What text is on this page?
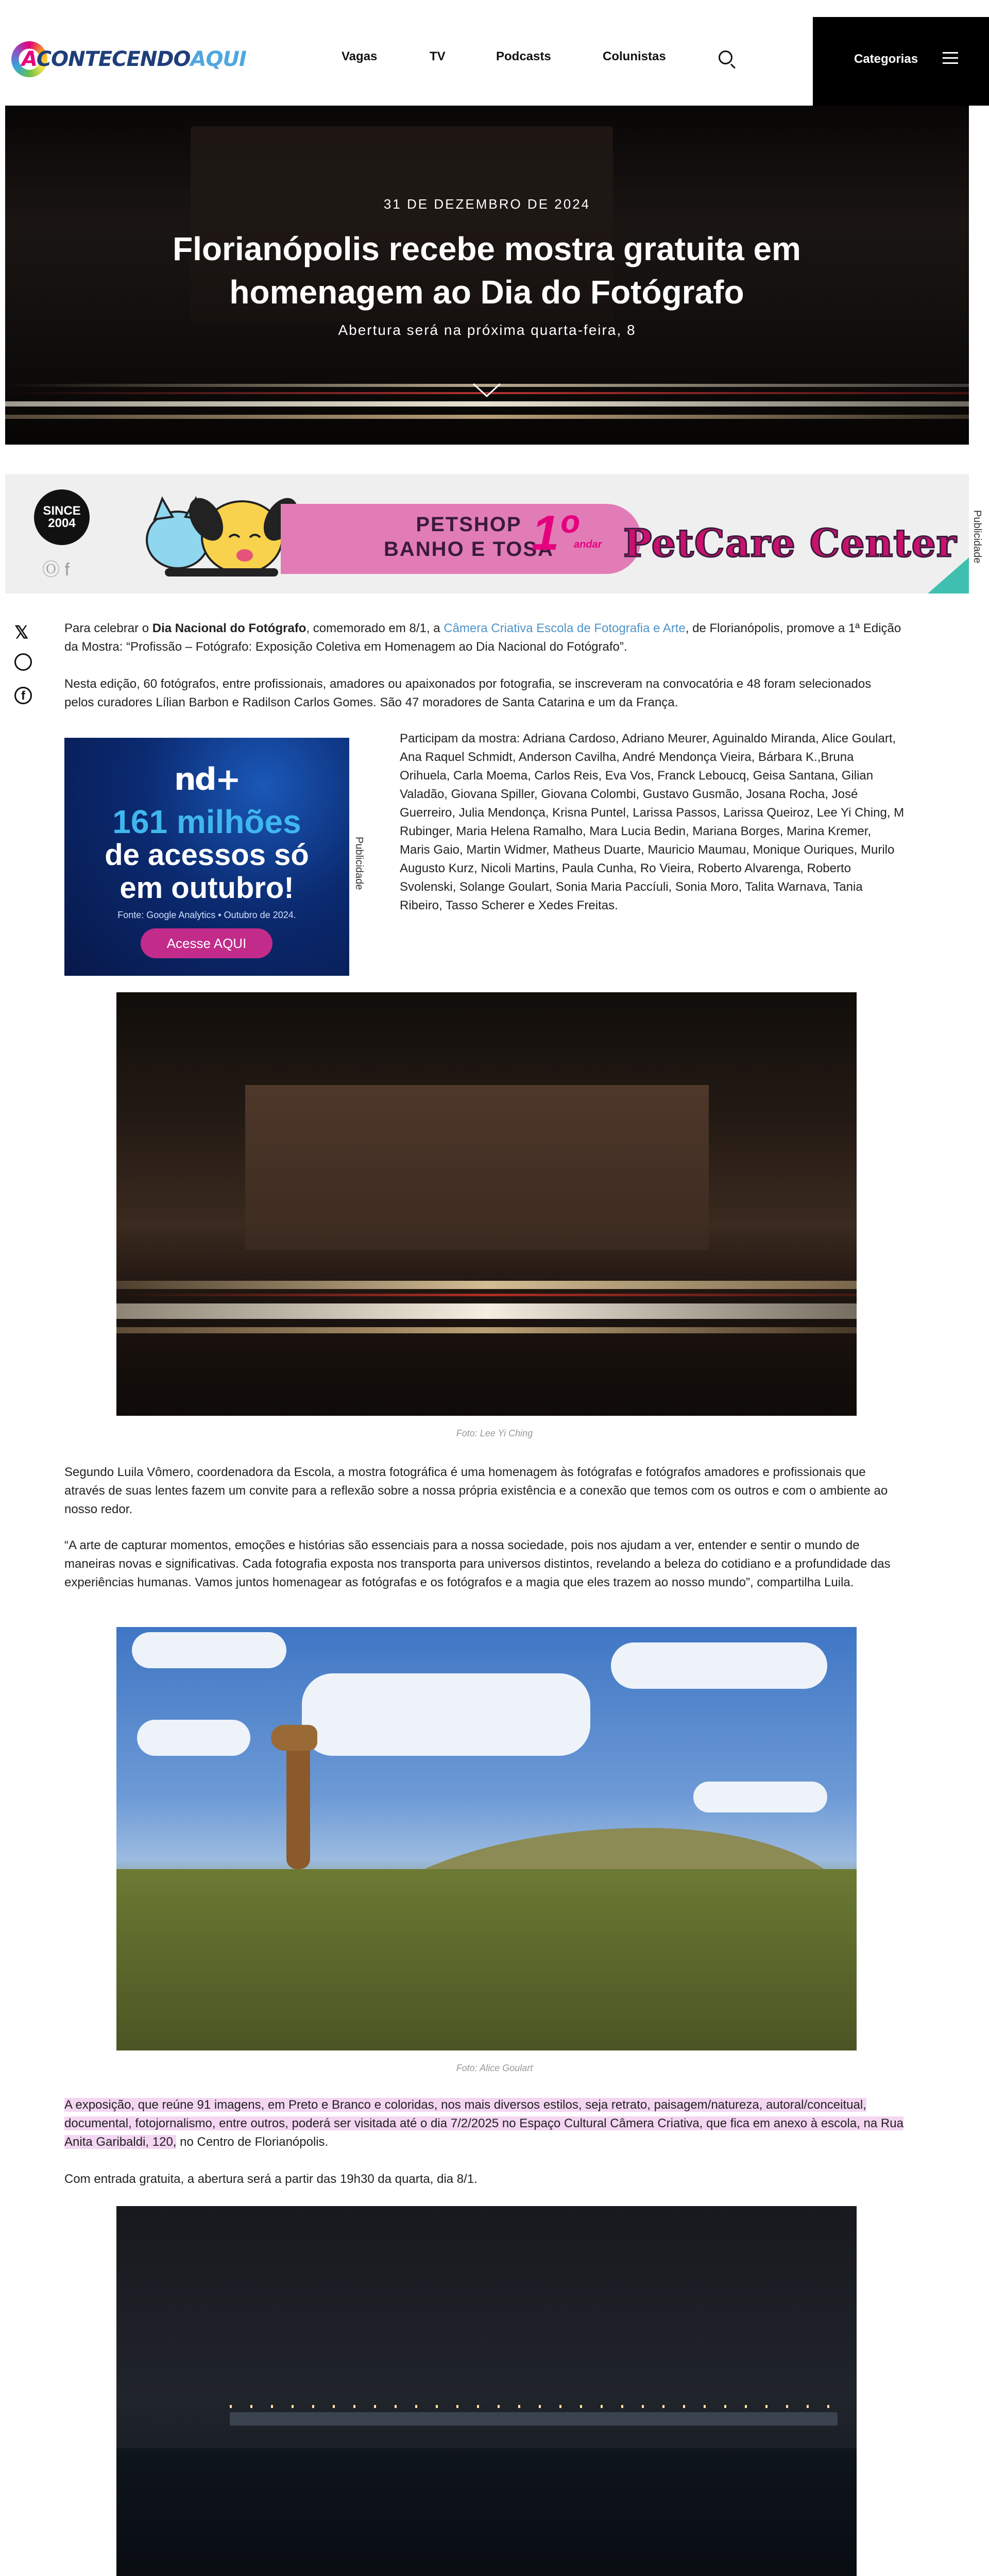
ACONTECENDOAQUI	Vagas	TV	Podcasts	Colunistas	Categorias
31 DE DEZEMBRO DE 2024
Florianópolis recebe mostra gratuita em homenagem ao Dia do Fotógrafo
Abertura será na próxima quarta-feira, 8
SINCE
2004
Ⓞ f
PETSHOP
BANHO E TOSA
1º
andar PetCare Center Publicidade
𝕏
f

Para celebrar o Dia Nacional do Fotógrafo, comemorado em 8/1, a Câmera Criativa Escola de Fotografia e Arte, de Florianópolis, promove a 1ª Edição da Mostra: “Profissão – Fotógrafo: Exposição Coletiva em Homenagem ao Dia Nacional do Fotógrafo”.

Nesta edição, 60 fotógrafos, entre profissionais, amadores ou apaixonados por fotografia, se inscreveram na convocatória e 48 foram selecionados pelos curadores Lílian Barbon e Radilson Carlos Gomes. São 47 moradores de Santa Catarina e um da França.

nd+
161 milhões
de acessos só
em outubro!
Fonte: Google Analytics • Outubro de 2024.
Acesse AQUI
Publicidade

Participam da mostra: Adriana Cardoso, Adriano Meurer, Aguinaldo Miranda, Alice Goulart, Ana Raquel Schmidt, Anderson Cavilha, André Mendonça Vieira, Bárbara K.,Bruna Orihuela, Carla Moema, Carlos Reis, Eva Vos, Franck Leboucq, Geisa Santana, Gilian Valadão, Giovana Spiller, Giovana Colombi, Gustavo Gusmão, Josana Rocha, José Guerreiro, Julia Mendonça, Krisna Puntel, Larissa Passos, Larissa Queiroz, Lee Yi Ching, M Rubinger, Maria Helena Ramalho, Mara Lucia Bedin, Mariana Borges, Marina Kremer, Maris Gaio, Martin Widmer, Matheus Duarte, Mauricio Maumau, Monique Ouriques, Murilo Augusto Kurz, Nicoli Martins, Paula Cunha, Ro Vieira, Roberto Alvarenga, Roberto Svolenski, Solange Goulart, Sonia Maria Paccíuli, Sonia Moro, Talita Warnava, Tania Ribeiro, Tasso Scherer e Xedes Freitas.

Foto: Lee Yi Ching

Segundo Luila Vômero, coordenadora da Escola, a mostra fotográfica é uma homenagem às fotógrafas e fotógrafos amadores e profissionais que através de suas lentes fazem um convite para a reflexão sobre a nossa própria existência e a conexão que temos com os outros e com o ambiente ao nosso redor.

“A arte de capturar momentos, emoções e histórias são essenciais para a nossa sociedade, pois nos ajudam a ver, entender e sentir o mundo de maneiras novas e significativas. Cada fotografia exposta nos transporta para universos distintos, revelando a beleza do cotidiano e a profundidade das experiências humanas. Vamos juntos homenagear as fotógrafas e os fotógrafos e a magia que eles trazem ao nosso mundo”, compartilha Luila.

Foto: Alice Goulart

A exposição, que reúne 91 imagens, em Preto e Branco e coloridas, nos mais diversos estilos, seja retrato, paisagem/natureza, autoral/conceitual, documental, fotojornalismo, entre outros, poderá ser visitada até o dia 7/2/2025 no Espaço Cultural Câmera Criativa, que fica em anexo à escola, na Rua Anita Garibaldi, 120, no Centro de Florianópolis.

Com entrada gratuita, a abertura será a partir das 19h30 da quarta, dia 8/1.
